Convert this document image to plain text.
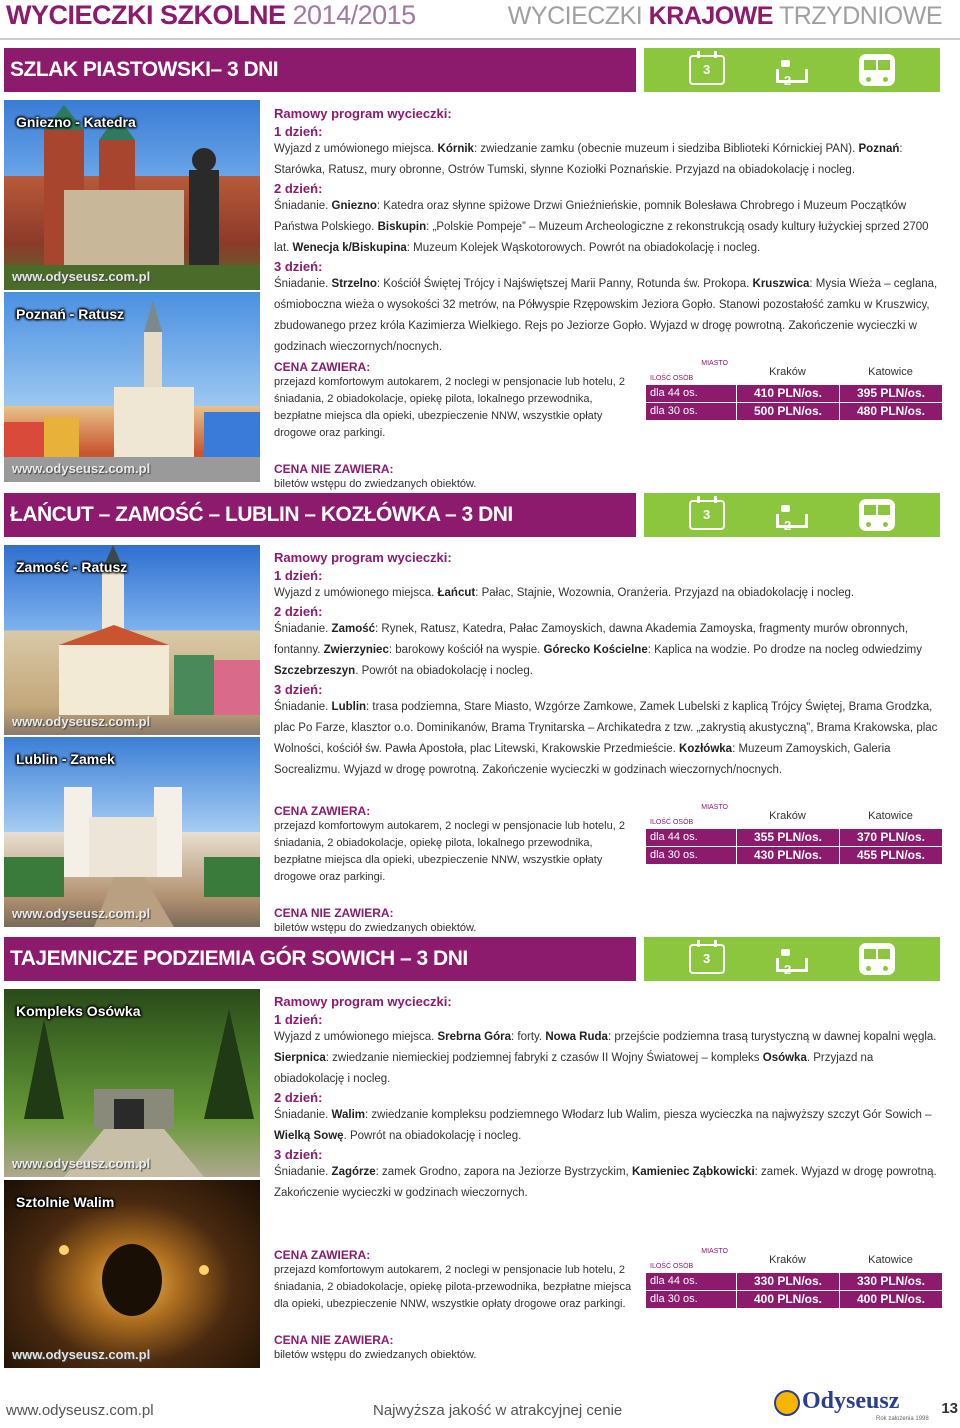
WYCIECZKI SZKOLNE 2014/2015	WYCIECZKI KRAJOWE TRZYDNIOWE
SZLAK PIASTOWSKI– 3 DNI	3
2
Gniezno - Katedra
www.odyseusz.com.pl
Poznań - Ratusz
www.odyseusz.com.pl
Ramowy program wycieczki:
1 dzień:
Wyjazd z umówionego miejsca. Kórnik: zwiedzanie zamku (obecnie muzeum i siedziba Biblioteki Kórnickiej PAN). Poznań: Starówka, Ratusz, mury obronne, Ostrów Tumski, słynne Koziołki Poznańskie. Przyjazd na obiadokolację i nocleg.
2 dzień:
Śniadanie. Gniezno: Katedra oraz słynne spiżowe Drzwi Gnieźnieńskie, pomnik Bolesława Chrobrego i Muzeum Początków Państwa Polskiego. Biskupin: „Polskie Pompeje” – Muzeum Archeologiczne z rekonstrukcją osady kultury łużyckiej sprzed 2700 lat. Wenecja k/Biskupina: Muzeum Kolejek Wąskotorowych. Powrót na obiadokolację i nocleg.
3 dzień:
Śniadanie. Strzelno: Kościół Świętej Trójcy i Najświętszej Marii Panny, Rotunda św. Prokopa. Kruszwica: Mysia Wieża – ceglana, ośmioboczna wieża o wysokości 32 metrów, na Półwyspie Rzępowskim Jeziora Gopło. Stanowi pozostałość zamku w Kruszwicy, zbudowanego przez króla Kazimierza Wielkiego. Rejs po Jeziorze Gopło. Wyjazd w drogę powrotną. Zakończenie wycieczki w godzinach wieczornych/nocnych.
CENA ZAWIERA:
przejazd komfortowym autokarem, 2 noclegi w pensjonacie lub hotelu, 2 śniadania, 2 obiadokolacje, opiekę pilota, lokalnego przewodnika, bezpłatne miejsca dla opieki, ubezpieczenie NNW, wszystkie opłaty drogowe oraz parkingi.
CENA NIE ZAWIERA:
biletów wstępu do zwiedzanych obiektów.
MIASTO
ILOŚĆ OSÓB
Kraków	Katowice
dla 44 os.	410 PLN/os.	395 PLN/os.
dla 30 os.	500 PLN/os.	480 PLN/os.
ŁAŃCUT – ZAMOŚĆ – LUBLIN – KOZŁÓWKA – 3 DNI	3
2
Zamość - Ratusz
www.odyseusz.com.pl
Lublin - Zamek
www.odyseusz.com.pl
Ramowy program wycieczki:
1 dzień:
Wyjazd z umówionego miejsca. Łańcut: Pałac, Stajnie, Wozownia, Oranżeria. Przyjazd na obiadokolację i nocleg.
2 dzień:
Śniadanie. Zamość: Rynek, Ratusz, Katedra, Pałac Zamoyskich, dawna Akademia Zamoyska, fragmenty murów obronnych, fontanny. Zwierzyniec: barokowy kościół na wyspie. Górecko Kościelne: Kaplica na wodzie. Po drodze na nocleg odwiedzimy Szczebrzeszyn. Powrót na obiadokolację i nocleg.
3 dzień:
Śniadanie. Lublin: trasa podziemna, Stare Miasto, Wzgórze Zamkowe, Zamek Lubelski z kaplicą Trójcy Świętej, Brama Grodzka, plac Po Farze, klasztor o.o. Dominikanów, Brama Trynitarska – Archikatedra z tzw. „zakrystią akustyczną”, Brama Krakowska, plac Wolności, kościół św. Pawła Apostoła, plac Litewski, Krakowskie Przedmieście. Kozłówka: Muzeum Zamoyskich, Galeria Socrealizmu. Wyjazd w drogę powrotną. Zakończenie wycieczki w godzinach wieczornych/nocnych.
CENA ZAWIERA:
przejazd komfortowym autokarem, 2 noclegi w pensjonacie lub hotelu, 2 śniadania, 2 obiadokolacje, opiekę pilota, lokalnego przewodnika, bezpłatne miejsca dla opieki, ubezpieczenie NNW, wszystkie opłaty drogowe oraz parkingi.
CENA NIE ZAWIERA:
biletów wstępu do zwiedzanych obiektów.
MIASTO
ILOŚĆ OSÓB
Kraków	Katowice
dla 44 os.	355 PLN/os.	370 PLN/os.
dla 30 os.	430 PLN/os.	455 PLN/os.
TAJEMNICZE PODZIEMIA GÓR SOWICH – 3 DNI	3
2
Kompleks Osówka
www.odyseusz.com.pl
Sztolnie Walim
www.odyseusz.com.pl
Ramowy program wycieczki:
1 dzień:
Wyjazd z umówionego miejsca. Srebrna Góra: forty. Nowa Ruda: przejście podziemna trasą turystyczną w dawnej kopalni węgla. Sierpnica: zwiedzanie niemieckiej podziemnej fabryki z czasów II Wojny Światowej – kompleks Osówka. Przyjazd na obiadokolację i nocleg.
2 dzień:
Śniadanie. Walim: zwiedzanie kompleksu podziemnego Włodarz lub Walim, piesza wycieczka na najwyższy szczyt Gór Sowich – Wielką Sowę. Powrót na obiadokolację i nocleg.
3 dzień:
Śniadanie. Zagórze: zamek Grodno, zapora na Jeziorze Bystrzyckim, Kamieniec Ząbkowicki: zamek. Wyjazd w drogę powrotną. Zakończenie wycieczki w godzinach wieczornych.
CENA ZAWIERA:
przejazd komfortowym autokarem, 2 noclegi w pensjonacie lub hotelu, 2 śniadania, 2 obiadokolacje, opiekę pilota-przewodnika, bezpłatne miejsca dla opieki, ubezpieczenie NNW, wszystkie opłaty drogowe oraz parkingi.
CENA NIE ZAWIERA:
biletów wstępu do zwiedzanych obiektów.
MIASTO
ILOŚĆ OSÓB
Kraków	Katowice
dla 44 os.	330 PLN/os.	330 PLN/os.
dla 30 os.	400 PLN/os.	400 PLN/os.
www.odyseusz.com.pl	Najwyższa jakość w atrakcyjnej cenie	Odyseusz
Rok założenia 1998
13
